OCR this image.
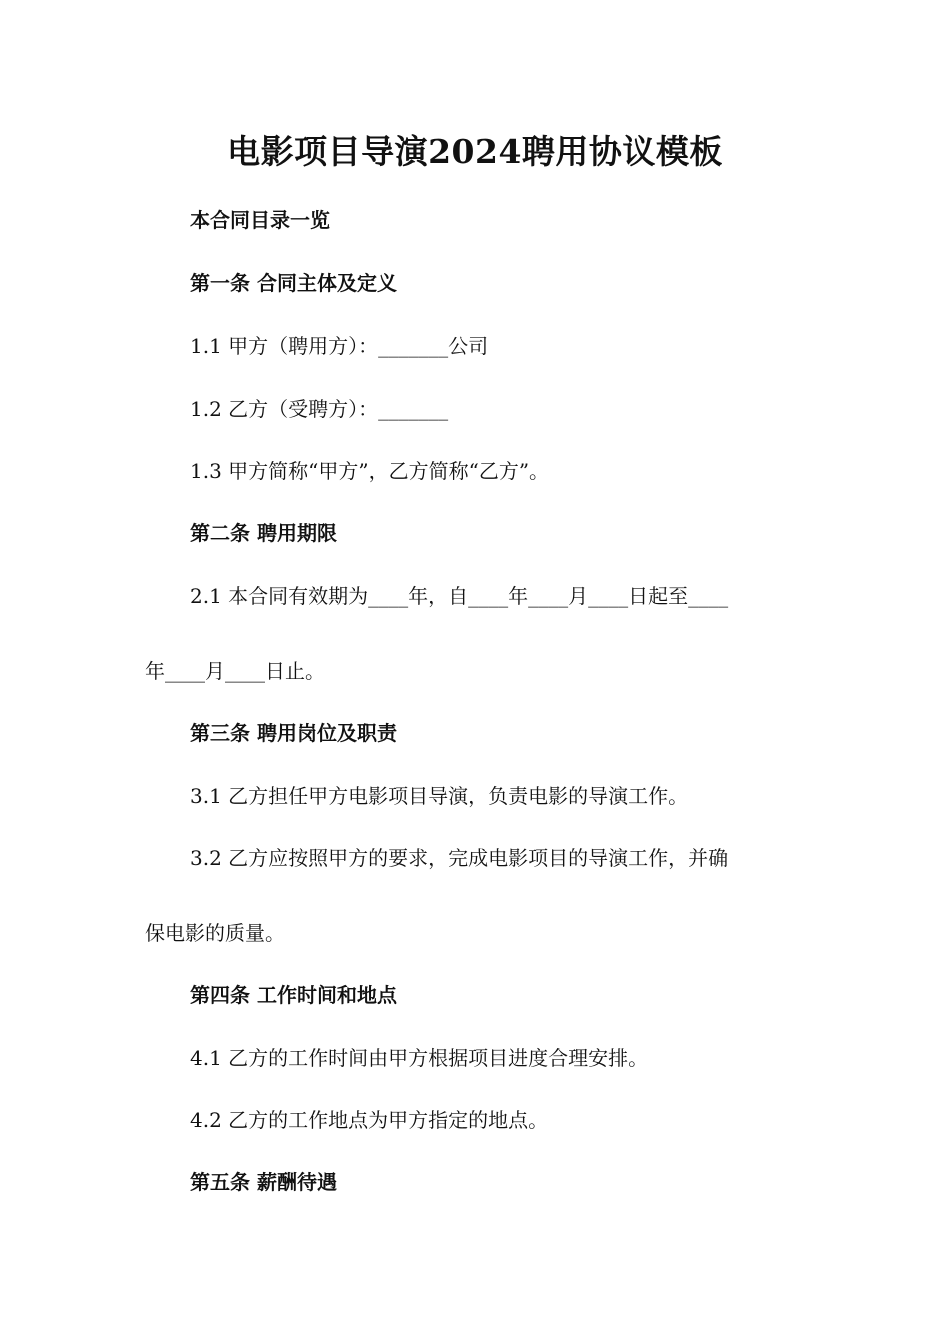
电影项目导演2024聘用协议模板
本合同目录一览
第一条 合同主体及定义
1.1 甲方（聘用方）：_______公司
1.2 乙方（受聘方）：_______
1.3 甲方简称“甲方”，乙方简称“乙方”。
第二条 聘用期限
2.1 本合同有效期为____年，自____年____月____日起至____
年____月____日止。
第三条 聘用岗位及职责
3.1 乙方担任甲方电影项目导演，负责电影的导演工作。
3.2 乙方应按照甲方的要求，完成电影项目的导演工作，并确
保电影的质量。
第四条 工作时间和地点
4.1 乙方的工作时间由甲方根据项目进度合理安排。
4.2 乙方的工作地点为甲方指定的地点。
第五条 薪酬待遇
